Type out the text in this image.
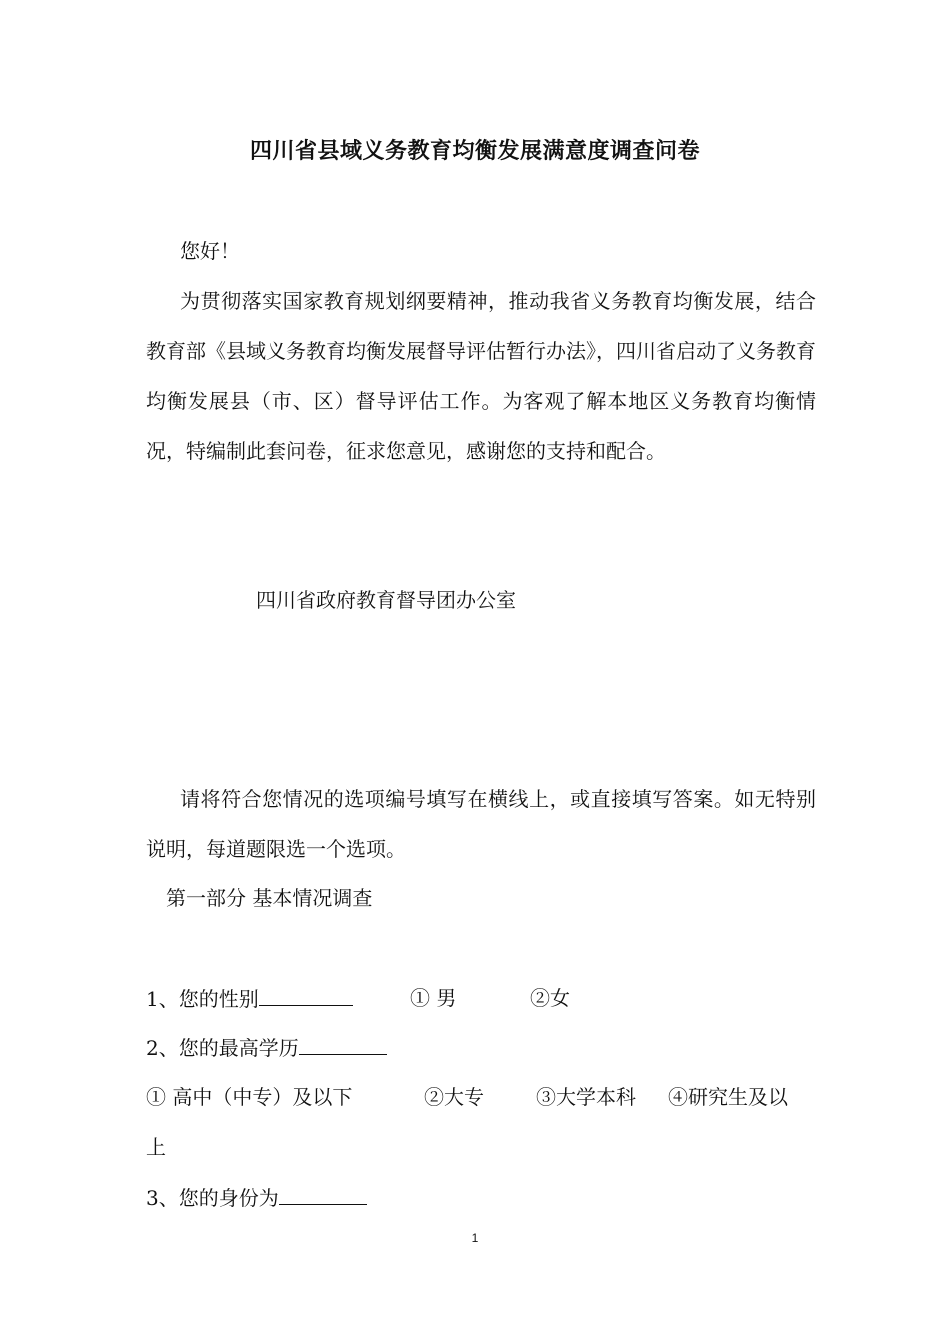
四川省县域义务教育均衡发展满意度调查问卷
您好！
为贯彻落实国家教育规划纲要精神，推动我省义务教育均衡发展，结合教育部《县域义务教育均衡发展督导评估暂行办法》，四川省启动了义务教育均衡发展县（市、区）督导评估工作。为客观了解本地区义务教育均衡情况，特编制此套问卷，征求您意见，感谢您的支持和配合。
四川省政府教育督导团办公室
请将符合您情况的选项编号填写在横线上，或直接填写答案。如无特别说明，每道题限选一个选项。
第一部分 基本情况调查
1、您的性别	① 男	②女
2、您的最高学历
① 高中（中专）及以下	②大专	③大学本科 ④研究生及以
上
3、您的身份为
1
